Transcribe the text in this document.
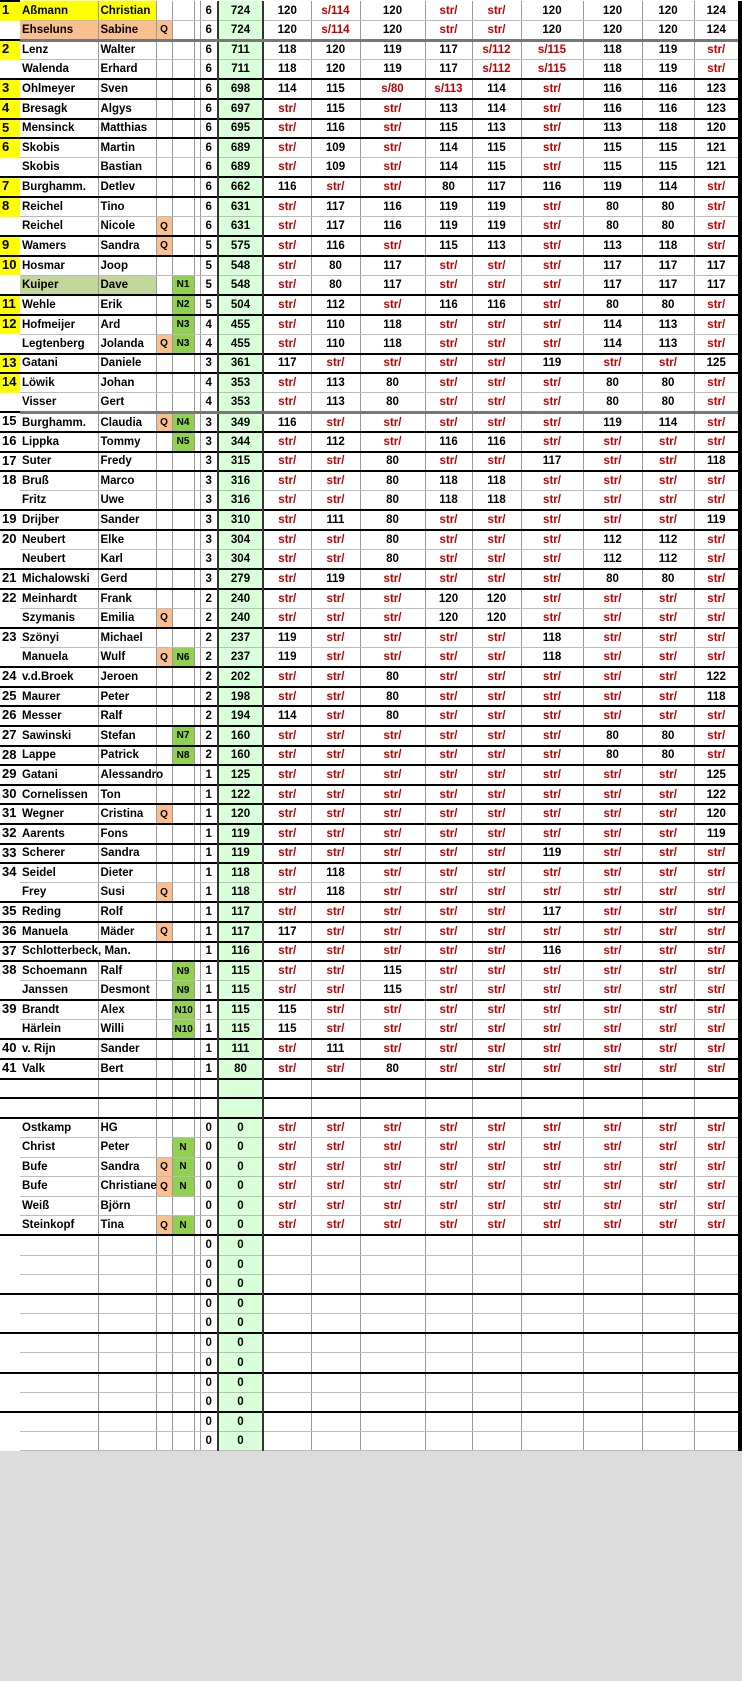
1	Aßmann	Christian				6	724	120	s/114	120	str/	str/	120	120	120	124
	Ehseluns	Sabine	Q			6	724	120	s/114	120	str/	str/	120	120	120	124
2	Lenz	Walter				6	711	118	120	119	117	s/112	s/115	118	119	str/
	Walenda	Erhard				6	711	118	120	119	117	s/112	s/115	118	119	str/
3	Ohlmeyer	Sven				6	698	114	115	s/80	s/113	114	str/	116	116	123
4	Bresagk	Algys				6	697	str/	115	str/	113	114	str/	116	116	123
5	Mensinck	Matthias				6	695	str/	116	str/	115	113	str/	113	118	120
6	Skobis	Martin				6	689	str/	109	str/	114	115	str/	115	115	121
	Skobis	Bastian				6	689	str/	109	str/	114	115	str/	115	115	121
7	Burghamm.	Detlev				6	662	116	str/	str/	80	117	116	119	114	str/
8	Reichel	Tino				6	631	str/	117	116	119	119	str/	80	80	str/
	Reichel	Nicole	Q			6	631	str/	117	116	119	119	str/	80	80	str/
9	Wamers	Sandra	Q			5	575	str/	116	str/	115	113	str/	113	118	str/
10	Hosmar	Joop				5	548	str/	80	117	str/	str/	str/	117	117	117
	Kuiper	Dave		N1		5	548	str/	80	117	str/	str/	str/	117	117	117
11	Wehle	Erik		N2		5	504	str/	112	str/	116	116	str/	80	80	str/
12	Hofmeijer	Ard		N3		4	455	str/	110	118	str/	str/	str/	114	113	str/
	Legtenberg	Jolanda	Q	N3		4	455	str/	110	118	str/	str/	str/	114	113	str/
13	Gatani	Daniele				3	361	117	str/	str/	str/	str/	119	str/	str/	125
14	Löwik	Johan				4	353	str/	113	80	str/	str/	str/	80	80	str/
	Visser	Gert				4	353	str/	113	80	str/	str/	str/	80	80	str/
15	Burghamm.	Claudia	Q	N4		3	349	116	str/	str/	str/	str/	str/	119	114	str/
16	Lippka	Tommy		N5		3	344	str/	112	str/	116	116	str/	str/	str/	str/
17	Suter	Fredy				3	315	str/	str/	80	str/	str/	117	str/	str/	118
18	Bruß	Marco				3	316	str/	str/	80	118	118	str/	str/	str/	str/
	Fritz	Uwe				3	316	str/	str/	80	118	118	str/	str/	str/	str/
19	Drijber	Sander				3	310	str/	111	80	str/	str/	str/	str/	str/	119
20	Neubert	Elke				3	304	str/	str/	80	str/	str/	str/	112	112	str/
	Neubert	Karl				3	304	str/	str/	80	str/	str/	str/	112	112	str/
21	Michalowski	Gerd				3	279	str/	119	str/	str/	str/	str/	80	80	str/
22	Meinhardt	Frank				2	240	str/	str/	str/	120	120	str/	str/	str/	str/
	Szymanis	Emilia	Q			2	240	str/	str/	str/	120	120	str/	str/	str/	str/
23	Szönyi	Michael				2	237	119	str/	str/	str/	str/	118	str/	str/	str/
	Manuela	Wulf	Q	N6		2	237	119	str/	str/	str/	str/	118	str/	str/	str/
24	v.d.Broek	Jeroen				2	202	str/	str/	80	str/	str/	str/	str/	str/	122
25	Maurer	Peter				2	198	str/	str/	80	str/	str/	str/	str/	str/	118
26	Messer	Ralf				2	194	114	str/	80	str/	str/	str/	str/	str/	str/
27	Sawinski	Stefan		N7		2	160	str/	str/	str/	str/	str/	str/	80	80	str/
28	Lappe	Patrick		N8		2	160	str/	str/	str/	str/	str/	str/	80	80	str/
29	Gatani	Alessandro				1	125	str/	str/	str/	str/	str/	str/	str/	str/	125
30	Cornelissen	Ton				1	122	str/	str/	str/	str/	str/	str/	str/	str/	122
31	Wegner	Cristina	Q			1	120	str/	str/	str/	str/	str/	str/	str/	str/	120
32	Aarents	Fons				1	119	str/	str/	str/	str/	str/	str/	str/	str/	119
33	Scherer	Sandra				1	119	str/	str/	str/	str/	str/	119	str/	str/	str/
34	Seidel	Dieter				1	118	str/	118	str/	str/	str/	str/	str/	str/	str/
	Frey	Susi	Q			1	118	str/	118	str/	str/	str/	str/	str/	str/	str/
35	Reding	Rolf				1	117	str/	str/	str/	str/	str/	117	str/	str/	str/
36	Manuela	Mäder	Q			1	117	117	str/	str/	str/	str/	str/	str/	str/	str/
37	Schlotterbeck, Man.					1	116	str/	str/	str/	str/	str/	116	str/	str/	str/
38	Schoemann	Ralf		N9		1	115	str/	str/	115	str/	str/	str/	str/	str/	str/
	Janssen	Desmont		N9		1	115	str/	str/	115	str/	str/	str/	str/	str/	str/
39	Brandt	Alex		N10		1	115	115	str/	str/	str/	str/	str/	str/	str/	str/
	Härlein	Willi		N10		1	115	115	str/	str/	str/	str/	str/	str/	str/	str/
40	v. Rijn	Sander				1	111	str/	111	str/	str/	str/	str/	str/	str/	str/
41	Valk	Bert				1	80	str/	str/	80	str/	str/	str/	str/	str/	str/

	Ostkamp	HG				0	0	str/	str/	str/	str/	str/	str/	str/	str/	str/
	Christ	Peter		N		0	0	str/	str/	str/	str/	str/	str/	str/	str/	str/
	Bufe	Sandra	Q	N		0	0	str/	str/	str/	str/	str/	str/	str/	str/	str/
	Bufe	Christiane	Q	N		0	0	str/	str/	str/	str/	str/	str/	str/	str/	str/
	Weiß	Björn				0	0	str/	str/	str/	str/	str/	str/	str/	str/	str/
	Steinkopf	Tina	Q	N		0	0	str/	str/	str/	str/	str/	str/	str/	str/	str/
						0	0									
						0	0									
						0	0									
						0	0									
						0	0									
						0	0									
						0	0									
						0	0									
						0	0									
						0	0									
						0	0									
